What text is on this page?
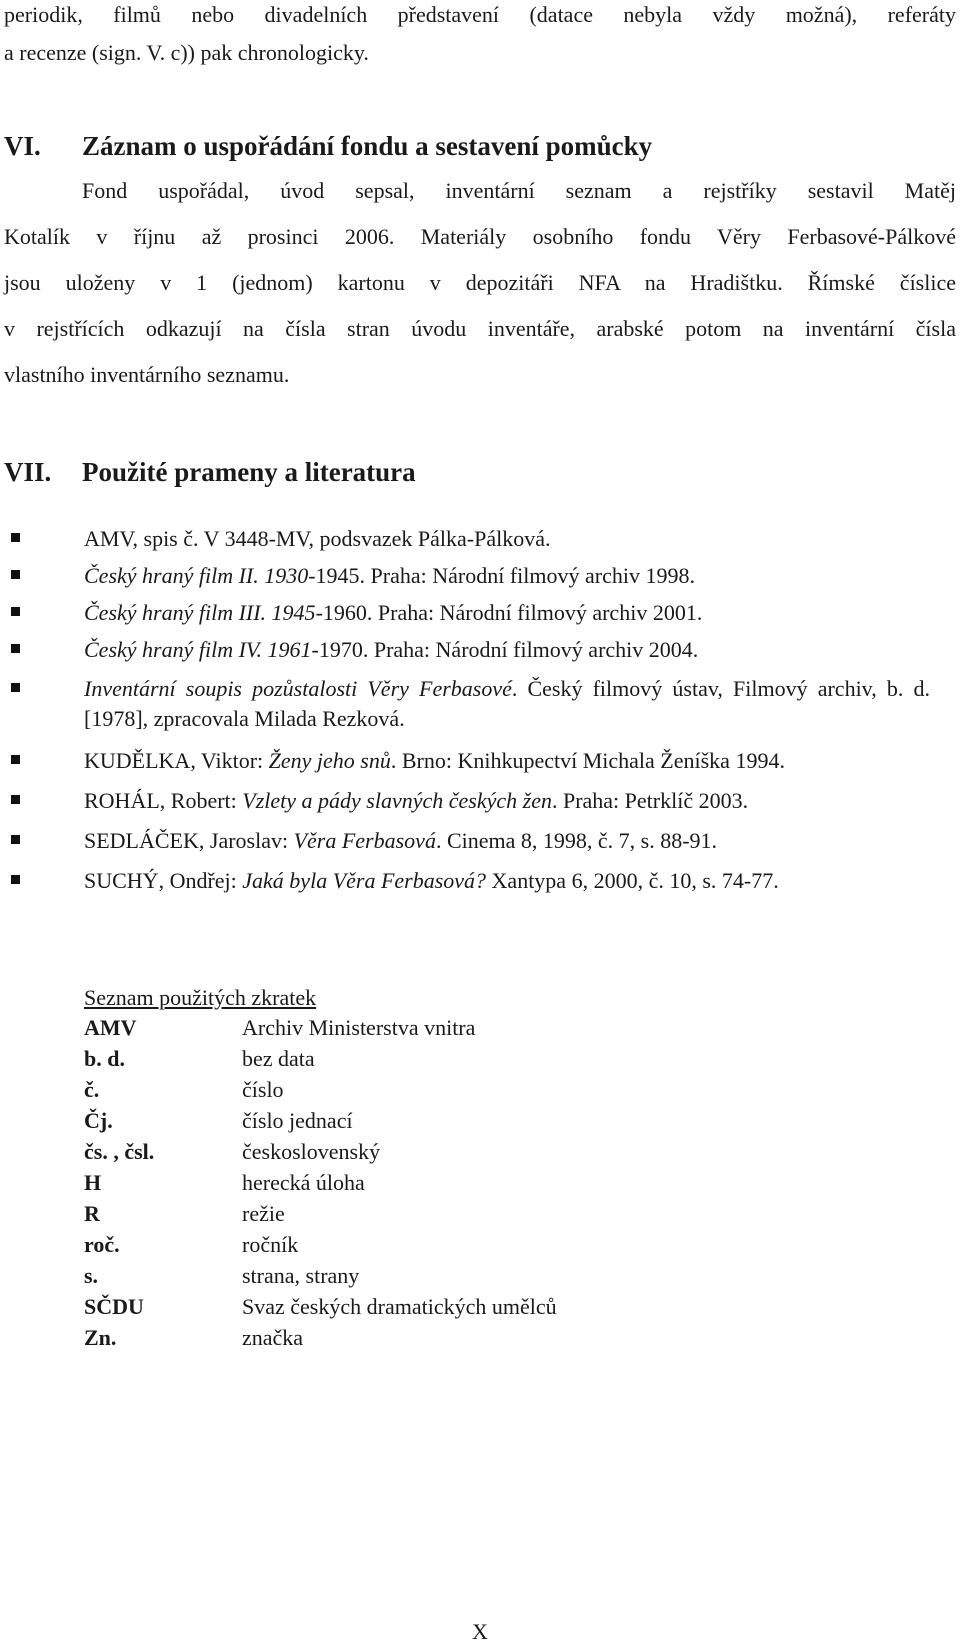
periodik, filmů nebo divadelních představení (datace nebyla vždy možná), referáty
a recenze (sign. V. c)) pak chronologicky.
VI. Záznam o uspořádání fondu a sestavení pomůcky
Fond uspořádal, úvod sepsal, inventární seznam a rejstříky sestavil Matěj
Kotalík v říjnu až prosinci 2006. Materiály osobního fondu Věry Ferbasové-Pálkové
jsou uloženy v 1 (jednom) kartonu v depozitáři NFA na Hradištku. Římské číslice
v rejstřících odkazují na čísla stran úvodu inventáře, arabské potom na inventární čísla
vlastního inventárního seznamu.
VII. Použité prameny a literatura
AMV, spis č. V 3448-MV, podsvazek Pálka-Pálková.
Český hraný film II. 1930-1945. Praha: Národní filmový archiv 1998.
Český hraný film III. 1945-1960. Praha: Národní filmový archiv 2001.
Český hraný film IV. 1961-1970. Praha: Národní filmový archiv 2004.
Inventární soupis pozůstalosti Věry Ferbasové. Český filmový ústav, Filmový archiv, b. d. [1978], zpracovala Milada Rezková.
KUDĚLKA, Viktor: Ženy jeho snů. Brno: Knihkupectví Michala Ženíška 1994.
ROHÁL, Robert: Vzlety a pády slavných českých žen. Praha: Petrklíč 2003.
SEDLÁČEK, Jaroslav: Věra Ferbasová. Cinema 8, 1998, č. 7, s. 88-91.
SUCHÝ, Ondřej: Jaká byla Věra Ferbasová? Xantypa 6, 2000, č. 10, s. 74-77.
Seznam použitých zkratek
AMV	Archiv Ministerstva vnitra
b. d.	bez data
č.	číslo
Čj.	číslo jednací
čs. , čsl.	československý
H	herecká úloha
R	režie
roč.	ročník
s.	strana, strany
SČDU	Svaz českých dramatických umělců
Zn.	značka
X
